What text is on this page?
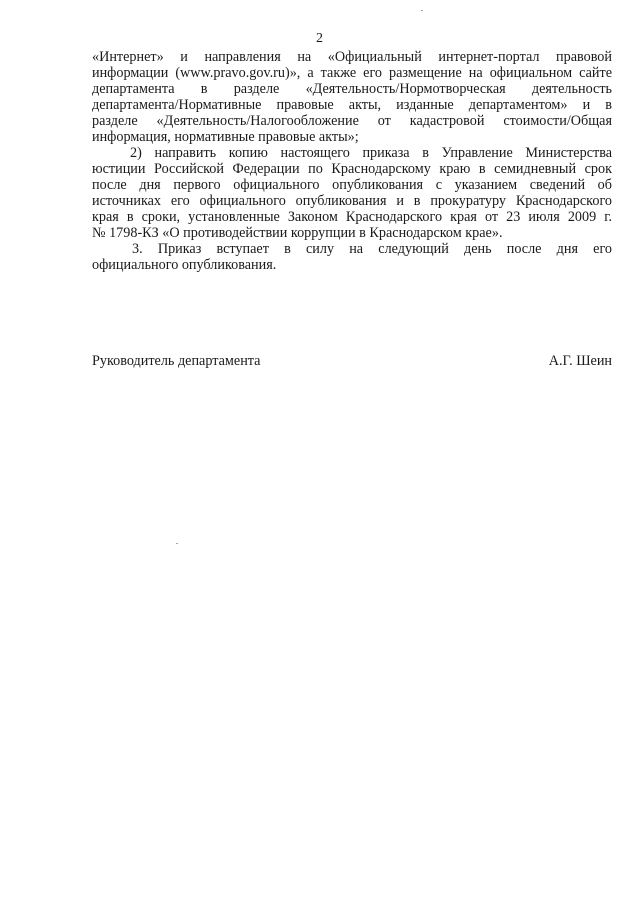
2
«Интернет» и направления на «Официальный интернет-портал правовой
информации (www.pravo.gov.ru)», а также его размещение на официальном сайте
департамента в разделе «Деятельность/Нормотворческая деятельность
департамента/Нормативные правовые акты, изданные департаментом» и в
разделе «Деятельность/Налогообложение от кадастровой стоимости/Общая
информация, нормативные правовые акты»;
2) направить копию настоящего приказа в Управление Министерства
юстиции Российской Федерации по Краснодарскому краю в семидневный срок
после дня первого официального опубликования с указанием сведений об
источниках его официального опубликования и в прокуратуру Краснодарского
края в сроки, установленные Законом Краснодарского края от 23 июля 2009 г.
№ 1798-КЗ «О противодействии коррупции в Краснодарском крае».
3. Приказ вступает в силу на следующий день после дня его
официального опубликования.
Руководитель департамента	А.Г. Шеин
